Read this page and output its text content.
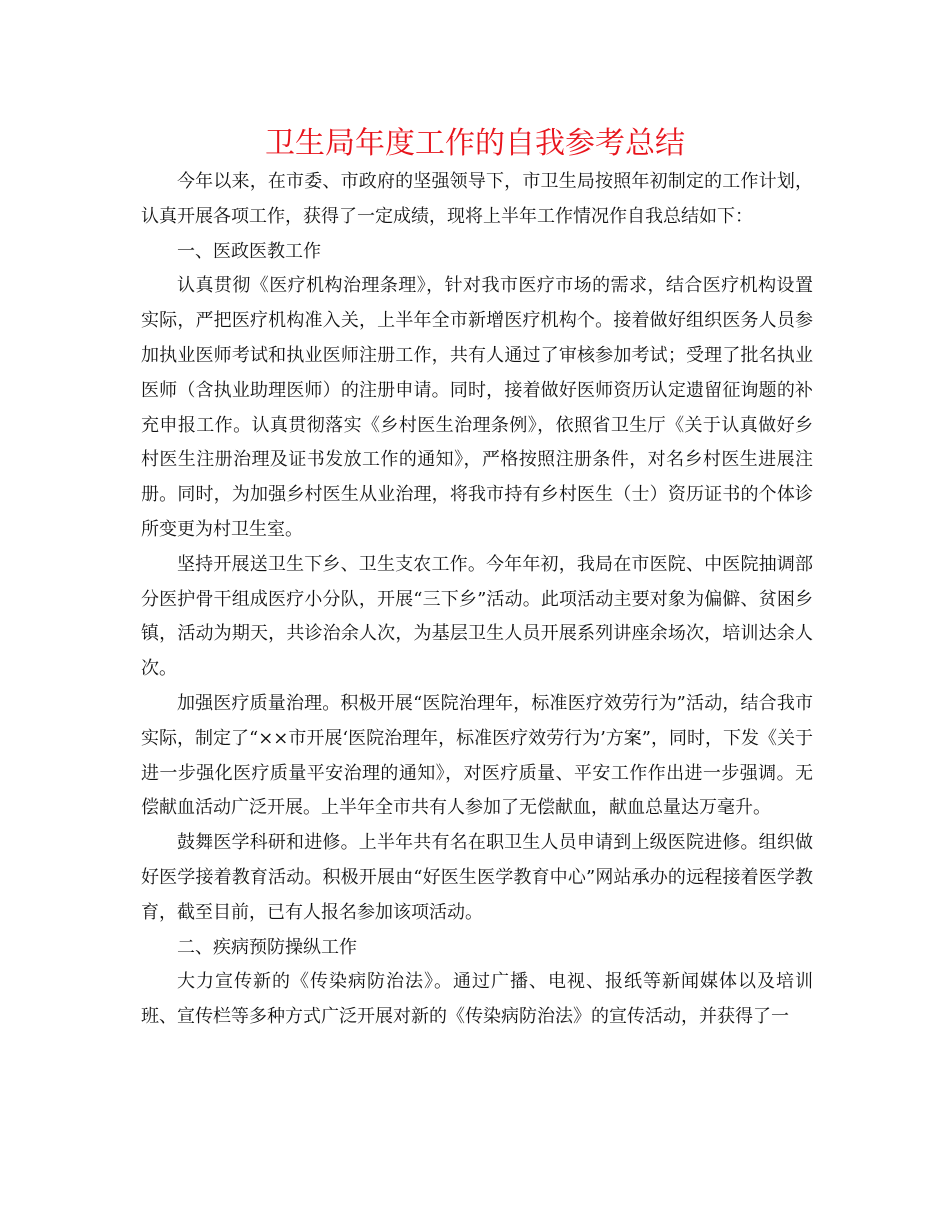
卫生局年度工作的自我参考总结

今年以来，在市委、市政府的坚强领导下，市卫生局按照年初制定的工作计划，认真开展各项工作，获得了一定成绩，现将上半年工作情况作自我总结如下：

一、医政医教工作

认真贯彻《医疗机构治理条理》，针对我市医疗市场的需求，结合医疗机构设置实际，严把医疗机构准入关，上半年全市新增医疗机构个。接着做好组织医务人员参加执业医师考试和执业医师注册工作，共有人通过了审核参加考试；受理了批名执业医师（含执业助理医师）的注册申请。同时，接着做好医师资历认定遗留征询题的补充申报工作。认真贯彻落实《乡村医生治理条例》，依照省卫生厅《关于认真做好乡村医生注册治理及证书发放工作的通知》，严格按照注册条件，对名乡村医生进展注册。同时，为加强乡村医生从业治理，将我市持有乡村医生（士）资历证书的个体诊所变更为村卫生室。

坚持开展送卫生下乡、卫生支农工作。今年年初，我局在市医院、中医院抽调部分医护骨干组成医疗小分队，开展“三下乡”活动。此项活动主要对象为偏僻、贫困乡镇，活动为期天，共诊治余人次，为基层卫生人员开展系列讲座余场次，培训达余人次。

加强医疗质量治理。积极开展“医院治理年，标准医疗效劳行为”活动，结合我市实际，制定了“××市开展‘医院治理年，标准医疗效劳行为’方案”，同时，下发《关于进一步强化医疗质量平安治理的通知》，对医疗质量、平安工作作出进一步强调。无偿献血活动广泛开展。上半年全市共有人参加了无偿献血，献血总量达万毫升。

鼓舞医学科研和进修。上半年共有名在职卫生人员申请到上级医院进修。组织做好医学接着教育活动。积极开展由“好医生医学教育中心”网站承办的远程接着医学教育，截至目前，已有人报名参加该项活动。

二、疾病预防操纵工作

大力宣传新的《传染病防治法》。通过广播、电视、报纸等新闻媒体以及培训班、宣传栏等多种方式广泛开展对新的《传染病防治法》的宣传活动，并获得了一
